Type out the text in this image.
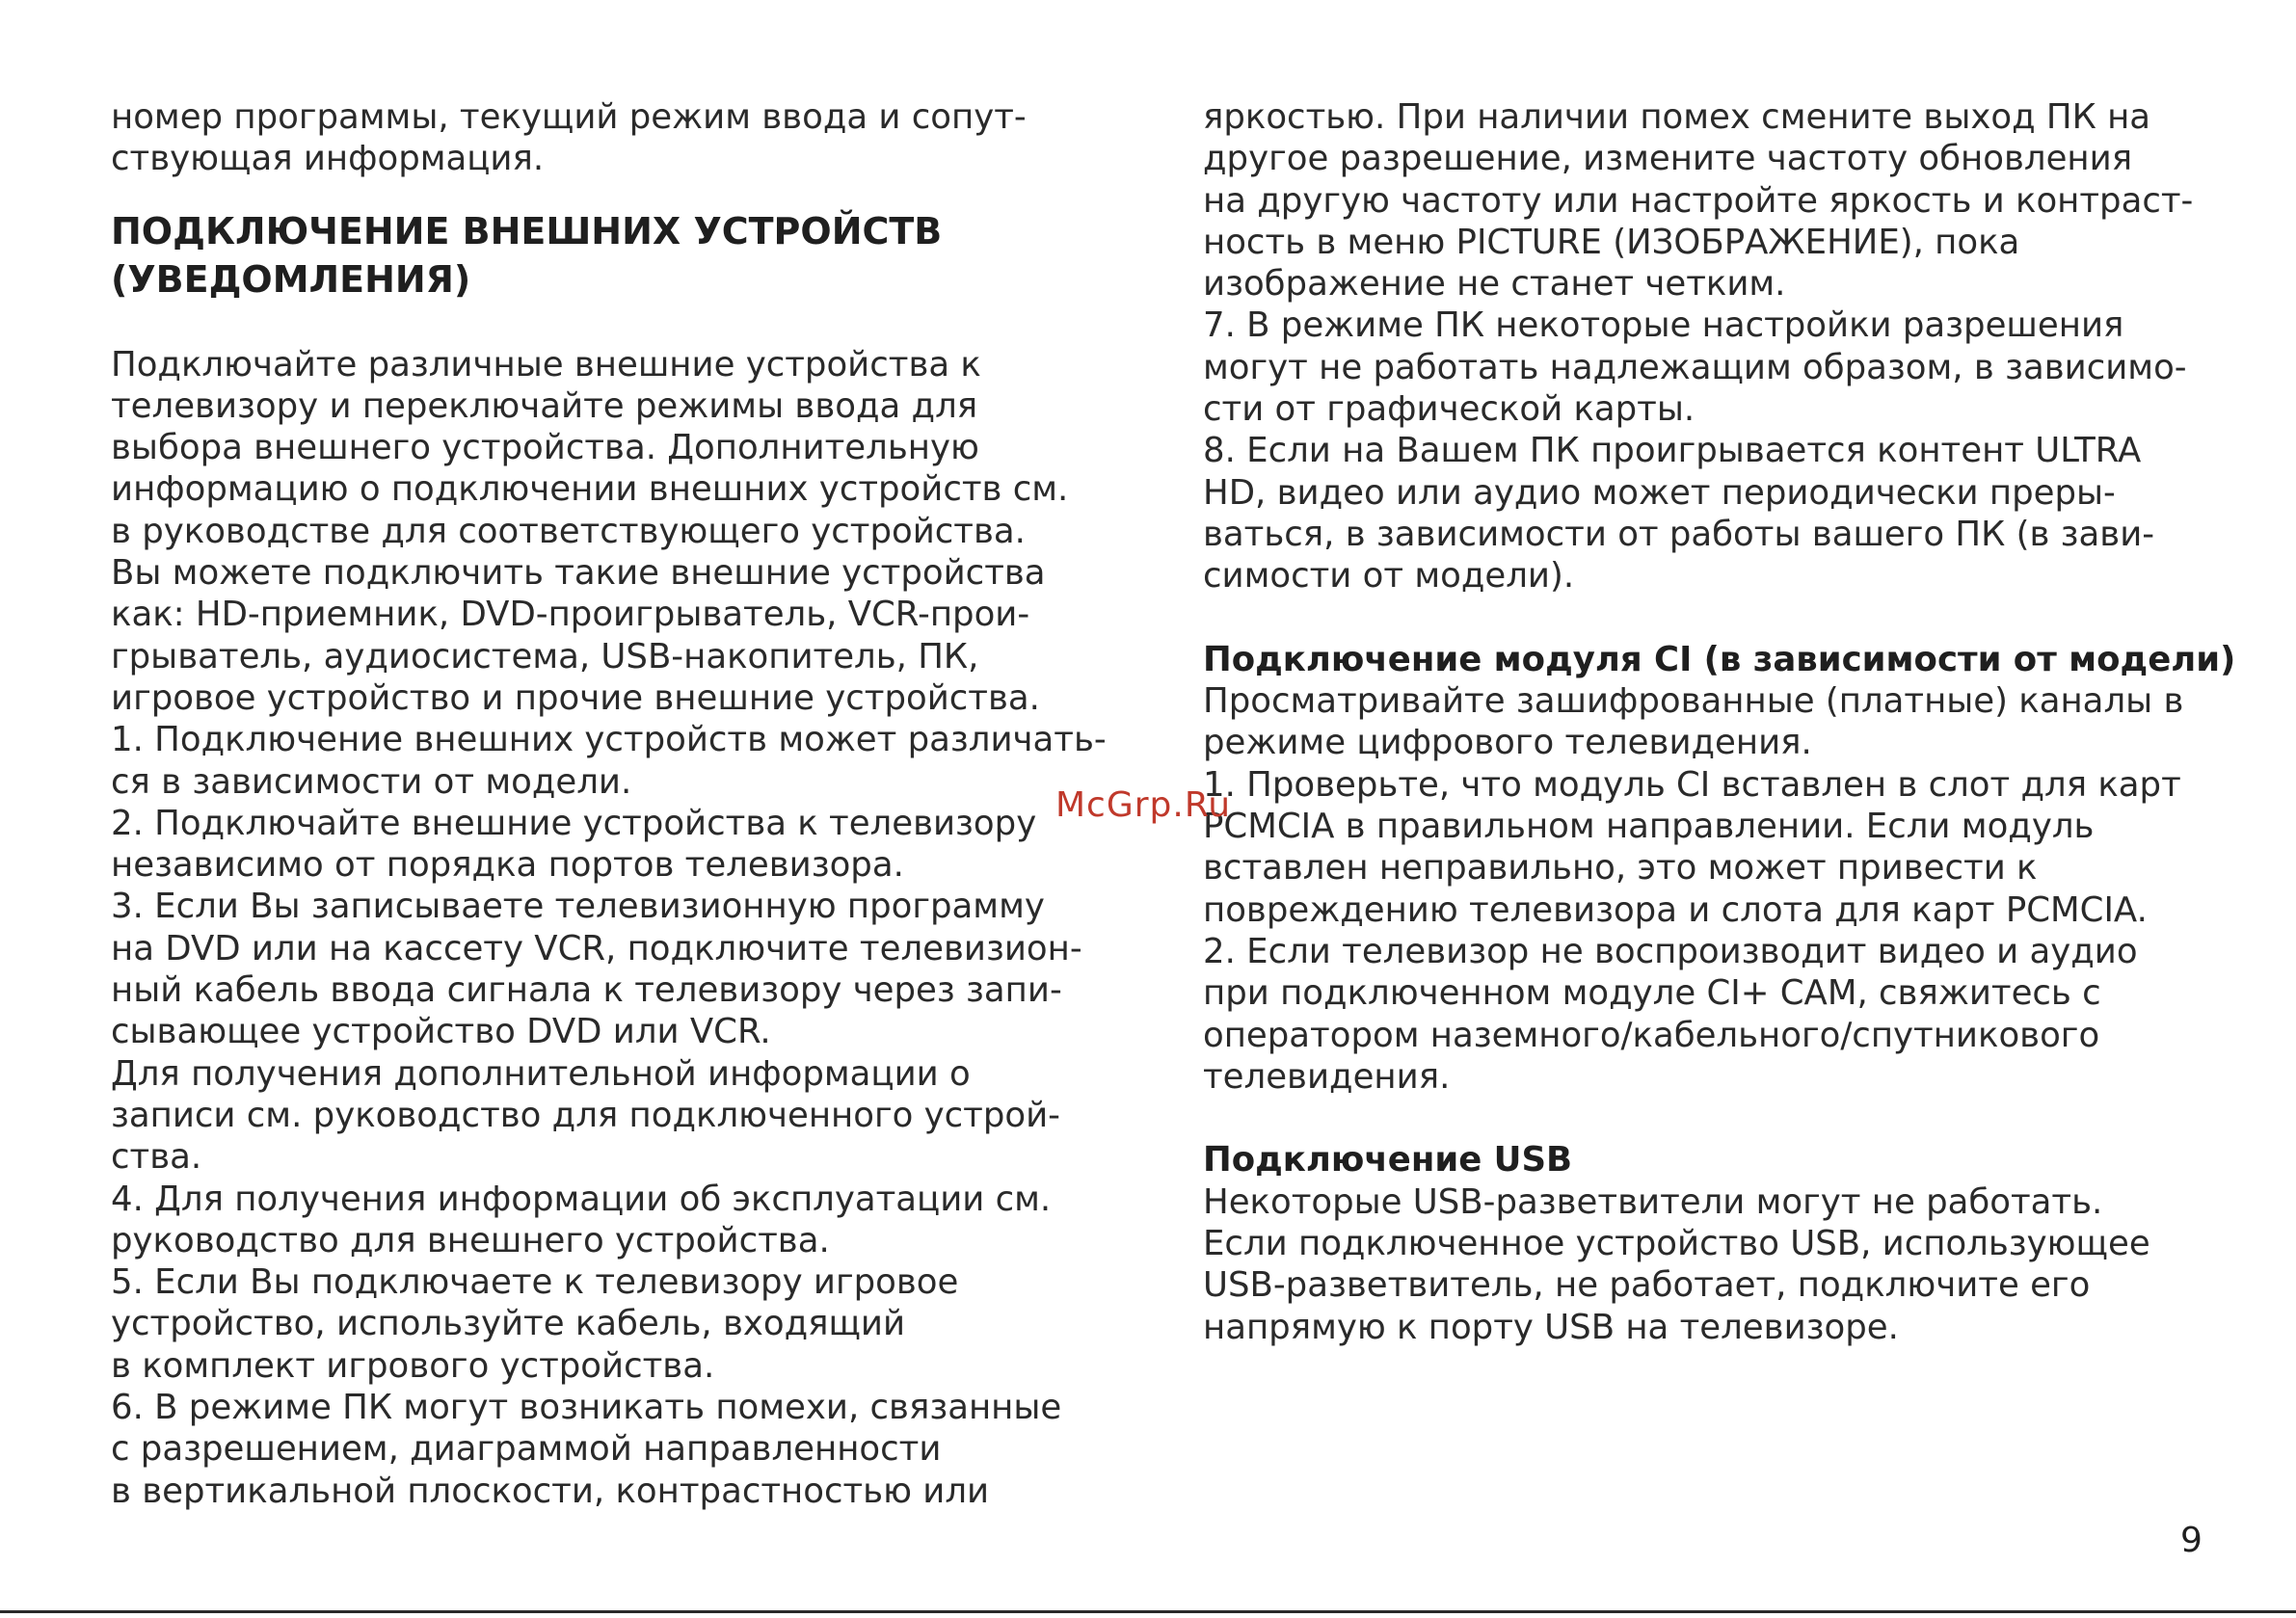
номер программы, текущий режим ввода и сопут-
ствующая информация.
ПОДКЛЮЧЕНИЕ ВНЕШНИХ УСТРОЙСТВ
(УВЕДОМЛЕНИЯ)
Подключайте различные внешние устройства к
телевизору и переключайте режимы ввода для
выбора внешнего устройства. Дополнительную
информацию о подключении внешних устройств см.
в руководстве для соответствующего устройства.
Вы можете подключить такие внешние устройства
как: HD-приемник, DVD-проигрыватель, VCR-прои-
грыватель, аудиосистема, USB-накопитель, ПК,
игровое устройство и прочие внешние устройства.
1. Подключение внешних устройств может различать-
ся в зависимости от модели.
2. Подключайте внешние устройства к телевизору
независимо от порядка портов телевизора.
3. Если Вы записываете телевизионную программу
на DVD или на кассету VCR, подключите телевизион-
ный кабель ввода сигнала к телевизору через запи-
сывающее устройство DVD или VCR.
Для получения дополнительной информации о
записи см. руководство для подключенного устрой-
ства.
4. Для получения информации об эксплуатации см.
руководство для внешнего устройства.
5. Если Вы подключаете к телевизору игровое
устройство, используйте кабель, входящий
в комплект игрового устройства.
6. В режиме ПК могут возникать помехи, связанные
с разрешением, диаграммой направленности
в вертикальной плоскости, контрастностью или
яркостью. При наличии помех смените выход ПК на
другое разрешение, измените частоту обновления
на другую частоту или настройте яркость и контраст-
ность в меню PICTURE (ИЗОБРАЖЕНИЕ), пока
изображение не станет четким.
7. В режиме ПК некоторые настройки разрешения
могут не работать надлежащим образом, в зависимо-
сти от графической карты.
8. Если на Вашем ПК проигрывается контент ULTRA
HD, видео или аудио может периодически преры-
ваться, в зависимости от работы вашего ПК (в зави-
симости от модели).
Подключение модуля CI (в зависимости от модели)
Просматривайте зашифрованные (платные) каналы в
режиме цифрового телевидения.
1. Проверьте, что модуль CI вставлен в слот для карт
PCMCIA в правильном направлении. Если модуль
вставлен неправильно, это может привести к
повреждению телевизора и слота для карт PCMCIA.
2. Если телевизор не воспроизводит видео и аудио
при подключенном модуле CI+ CAM, свяжитесь с
оператором наземного/кабельного/спутникового
телевидения.
Подключение USB
Некоторые USB-разветвители могут не работать.
Если подключенное устройство USB, использующее
USB-разветвитель, не работает, подключите его
напрямую к порту USB на телевизоре.
McGrp.Ru
9
